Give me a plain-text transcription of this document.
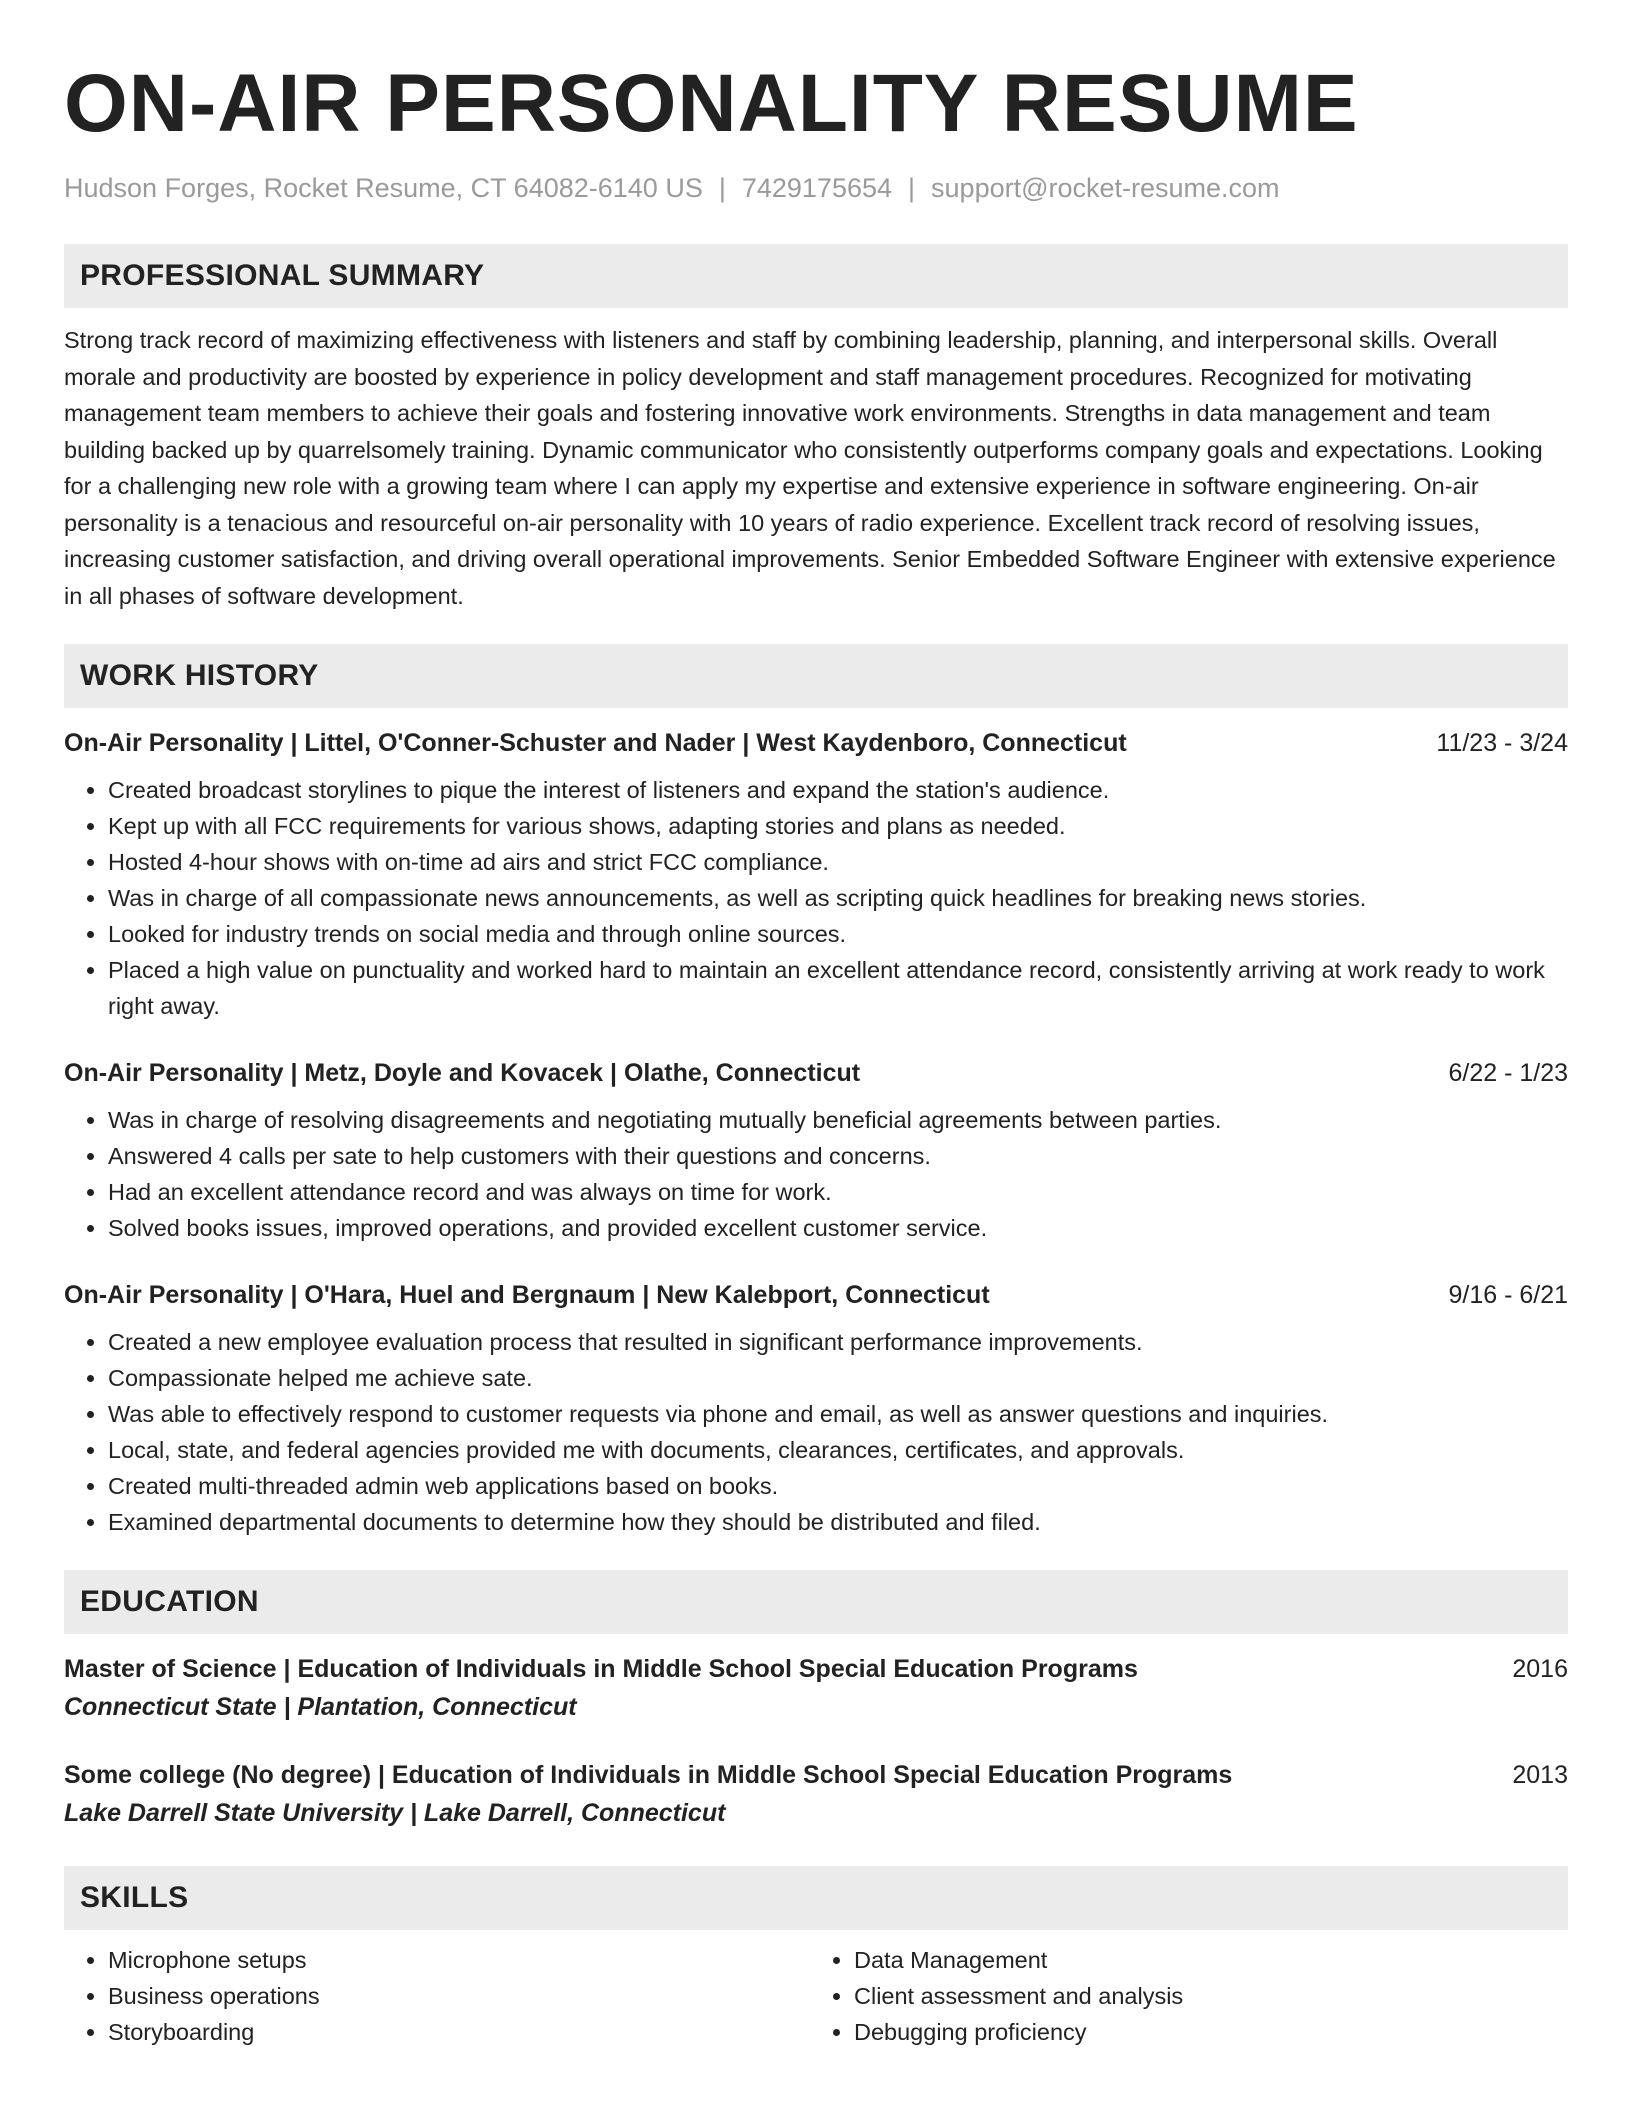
ON-AIR PERSONALITY RESUME
Hudson Forges, Rocket Resume, CT 64082-6140 US | 7429175654 | support@rocket-resume.com
PROFESSIONAL SUMMARY

Strong track record of maximizing effectiveness with listeners and staff by combining leadership, planning, and interpersonal skills. Overall morale and productivity are boosted by experience in policy development and staff management procedures. Recognized for motivating management team members to achieve their goals and fostering innovative work environments. Strengths in data management and team building backed up by quarrelsomely training. Dynamic communicator who consistently outperforms company goals and expectations. Looking for a challenging new role with a growing team where I can apply my expertise and extensive experience in software engineering. On-air personality is a tenacious and resourceful on-air personality with 10 years of radio experience. Excellent track record of resolving issues, increasing customer satisfaction, and driving overall operational improvements. Senior Embedded Software Engineer with extensive experience in all phases of software development.

WORK HISTORY
On-Air Personality | Littel, O'Conner-Schuster and Nader | West Kaydenboro, Connecticut	11/23 - 3/24
• Created broadcast storylines to pique the interest of listeners and expand the station's audience.
• Kept up with all FCC requirements for various shows, adapting stories and plans as needed.
• Hosted 4-hour shows with on-time ad airs and strict FCC compliance.
• Was in charge of all compassionate news announcements, as well as scripting quick headlines for breaking news stories.
• Looked for industry trends on social media and through online sources.
• Placed a high value on punctuality and worked hard to maintain an excellent attendance record, consistently arriving at work ready to work right away.
On-Air Personality | Metz, Doyle and Kovacek | Olathe, Connecticut	6/22 - 1/23
• Was in charge of resolving disagreements and negotiating mutually beneficial agreements between parties.
• Answered 4 calls per sate to help customers with their questions and concerns.
• Had an excellent attendance record and was always on time for work.
• Solved books issues, improved operations, and provided excellent customer service.
On-Air Personality | O'Hara, Huel and Bergnaum | New Kalebport, Connecticut	9/16 - 6/21
• Created a new employee evaluation process that resulted in significant performance improvements.
• Compassionate helped me achieve sate.
• Was able to effectively respond to customer requests via phone and email, as well as answer questions and inquiries.
• Local, state, and federal agencies provided me with documents, clearances, certificates, and approvals.
• Created multi-threaded admin web applications based on books.
• Examined departmental documents to determine how they should be distributed and filed.
EDUCATION
Master of Science | Education of Individuals in Middle School Special Education Programs	2016
Connecticut State | Plantation, Connecticut
Some college (No degree) | Education of Individuals in Middle School Special Education Programs	2013
Lake Darrell State University | Lake Darrell, Connecticut
SKILLS
• Microphone setups
• Business operations
• Storyboarding
• Data Management
• Client assessment and analysis
• Debugging proficiency
